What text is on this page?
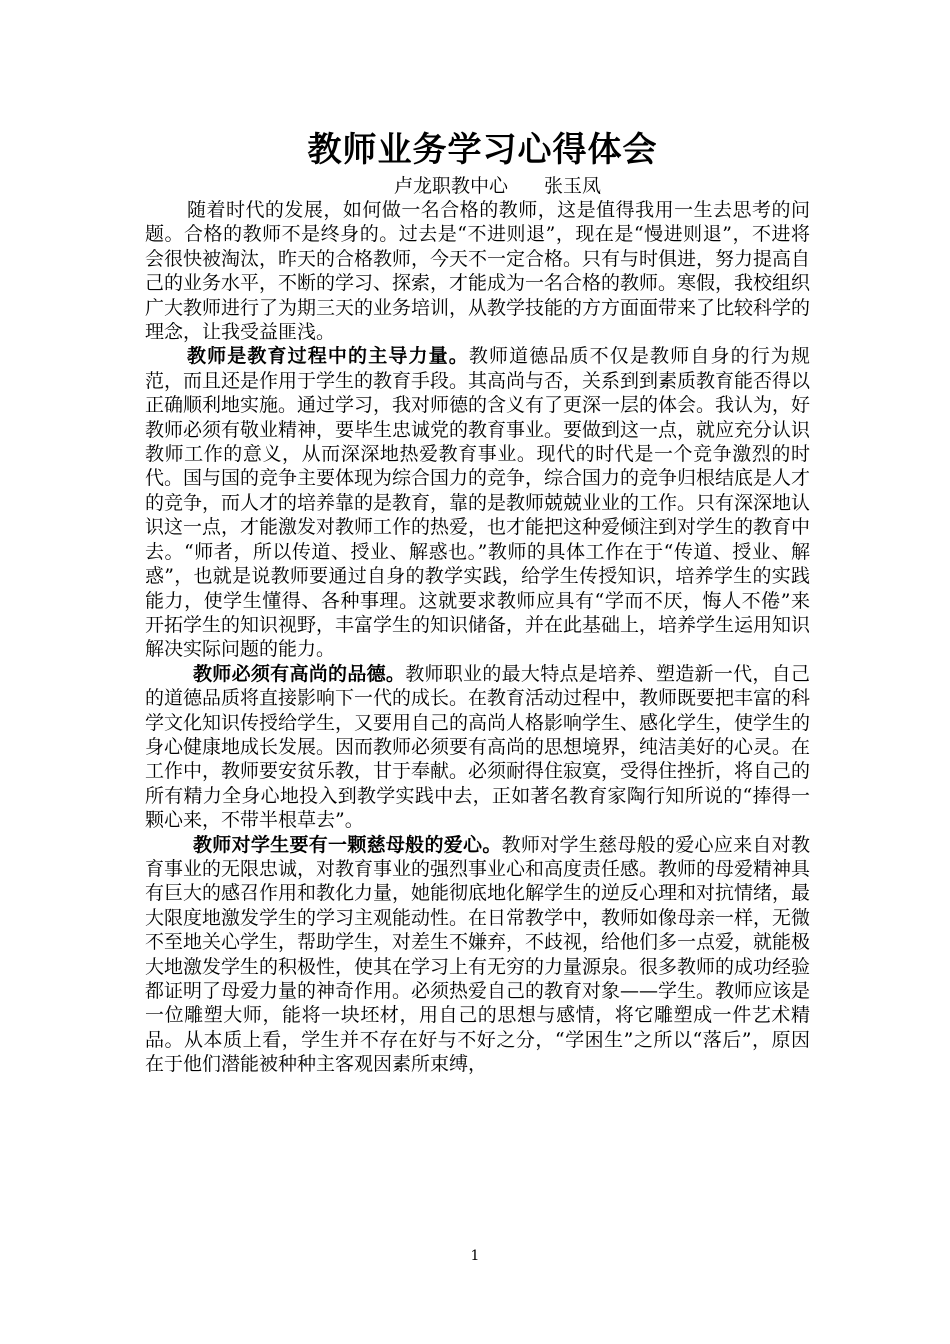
教师业务学习心得体会

卢龙职教中心 张玉凤

随着时代的发展，如何做一名合格的教师，这是值得我用一生去思考的问题。合格的教师不是终身的。过去是“不进则退”，现在是“慢进则退”，不进将会很快被淘汰，昨天的合格教师，今天不一定合格。只有与时俱进，努力提高自己的业务水平，不断的学习、探索，才能成为一名合格的教师。寒假，我校组织广大教师进行了为期三天的业务培训，从教学技能的方方面面带来了比较科学的理念，让我受益匪浅。

教师是教育过程中的主导力量。教师道德品质不仅是教师自身的行为规范，而且还是作用于学生的教育手段。其高尚与否，关系到到素质教育能否得以正确顺利地实施。通过学习，我对师德的含义有了更深一层的体会。我认为，好教师必须有敬业精神，要毕生忠诚党的教育事业。要做到这一点，就应充分认识教师工作的意义，从而深深地热爱教育事业。现代的时代是一个竞争激烈的时代。国与国的竞争主要体现为综合国力的竞争，综合国力的竞争归根结底是人才的竞争，而人才的培养靠的是教育，靠的是教师兢兢业业的工作。只有深深地认识这一点，才能激发对教师工作的热爱，也才能把这种爱倾注到对学生的教育中去。“师者，所以传道、授业、解惑也。”教师的具体工作在于“传道、授业、解惑”，也就是说教师要通过自身的教学实践，给学生传授知识，培养学生的实践能力，使学生懂得、各种事理。这就要求教师应具有“学而不厌，悔人不倦”来开拓学生的知识视野，丰富学生的知识储备，并在此基础上，培养学生运用知识解决实际问题的能力。

教师必须有高尚的品德。教师职业的最大特点是培养、塑造新一代，自己的道德品质将直接影响下一代的成长。在教育活动过程中，教师既要把丰富的科学文化知识传授给学生，又要用自己的高尚人格影响学生、感化学生，使学生的身心健康地成长发展。因而教师必须要有高尚的思想境界，纯洁美好的心灵。在工作中，教师要安贫乐教，甘于奉献。必须耐得住寂寞，受得住挫折，将自己的所有精力全身心地投入到教学实践中去，正如著名教育家陶行知所说的“捧得一颗心来，不带半根草去”。

教师对学生要有一颗慈母般的爱心。教师对学生慈母般的爱心应来自对教育事业的无限忠诚，对教育事业的强烈事业心和高度责任感。教师的母爱精神具有巨大的感召作用和教化力量，她能彻底地化解学生的逆反心理和对抗情绪，最大限度地激发学生的学习主观能动性。在日常教学中，教师如像母亲一样，无微不至地关心学生，帮助学生，对差生不嫌弃，不歧视，给他们多一点爱，就能极大地激发学生的积极性，使其在学习上有无穷的力量源泉。很多教师的成功经验都证明了母爱力量的神奇作用。必须热爱自己的教育对象——学生。教师应该是一位雕塑大师，能将一块坯材，用自己的思想与感情，将它雕塑成一件艺术精品。从本质上看，学生并不存在好与不好之分，“学困生”之所以“落后”，原因在于他们潜能被种种主客观因素所束缚，

1
